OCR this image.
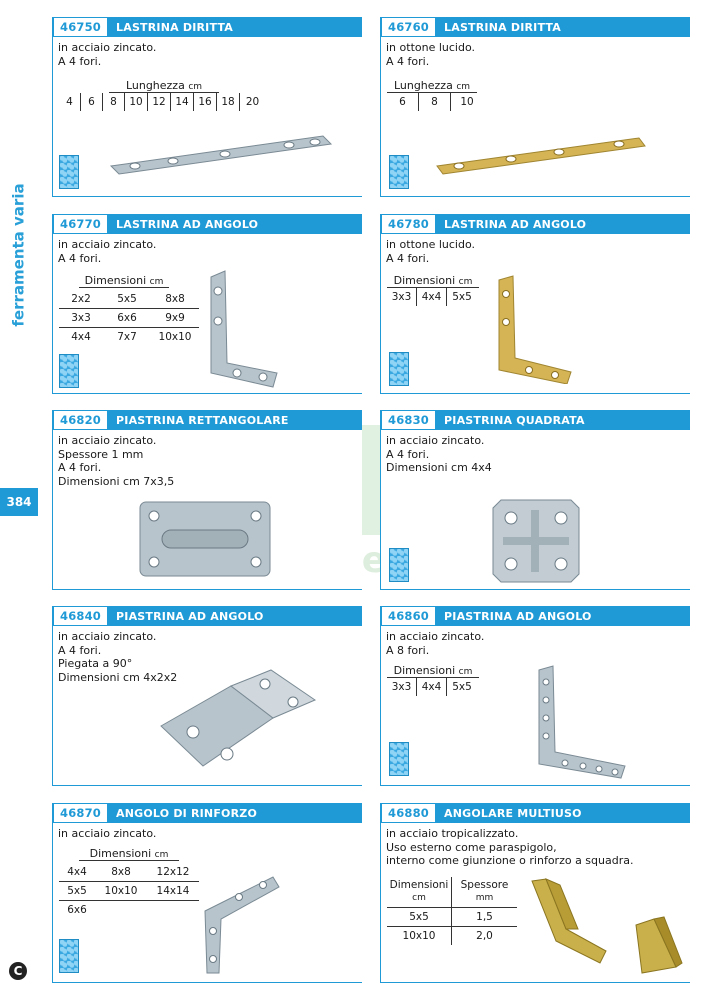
ferramenta varia
384
C
46750	LASTRINA DIRITTA
in acciaio zincato.
A 4 fori.
Lunghezza cm
4	6	8	10 12 14 16 18	20
46760	LASTRINA DIRITTA
in ottone lucido.
A 4 fori.
Lunghezza cm
6	8	10
46770	LASTRINA AD ANGOLO
in acciaio zincato.
A 4 fori.
Dimensioni cm
2x2	5x5	8x8
3x3	6x6	9x9
4x4	7x7	10x10
46780	LASTRINA AD ANGOLO
in ottone lucido.
A 4 fori.
Dimensioni cm
3x3 4x4	5x5
46820	PIASTRINA RETTANGOLARE
in acciaio zincato.
Spessore 1 mm
A 4 fori.
Dimensioni cm 7x3,5
46830	PIASTRINA QUADRATA
in acciaio zincato.
A 4 fori.
Dimensioni cm 4x4
46840	PIASTRINA AD ANGOLO
in acciaio zincato.
A 4 fori.
Piegata a 90°
Dimensioni cm 4x2x2
46860	PIASTRINA AD ANGOLO
in acciaio zincato.
A 8 fori.
Dimensioni cm
3x3 4x4	5x5
46870	ANGOLO DI RINFORZO
in acciaio zincato.
Dimensioni cm
4x4	8x8	12x12
5x5	10x10	14x14
6x6
46880	ANGOLARE MULTIUSO
in acciaio tropicalizzato.
Uso esterno come paraspigolo,
interno come giunzione o rinforzo a squadra.
Dimensioni
cm
Spessore
mm
5x5	1,5
10x10	2,0
